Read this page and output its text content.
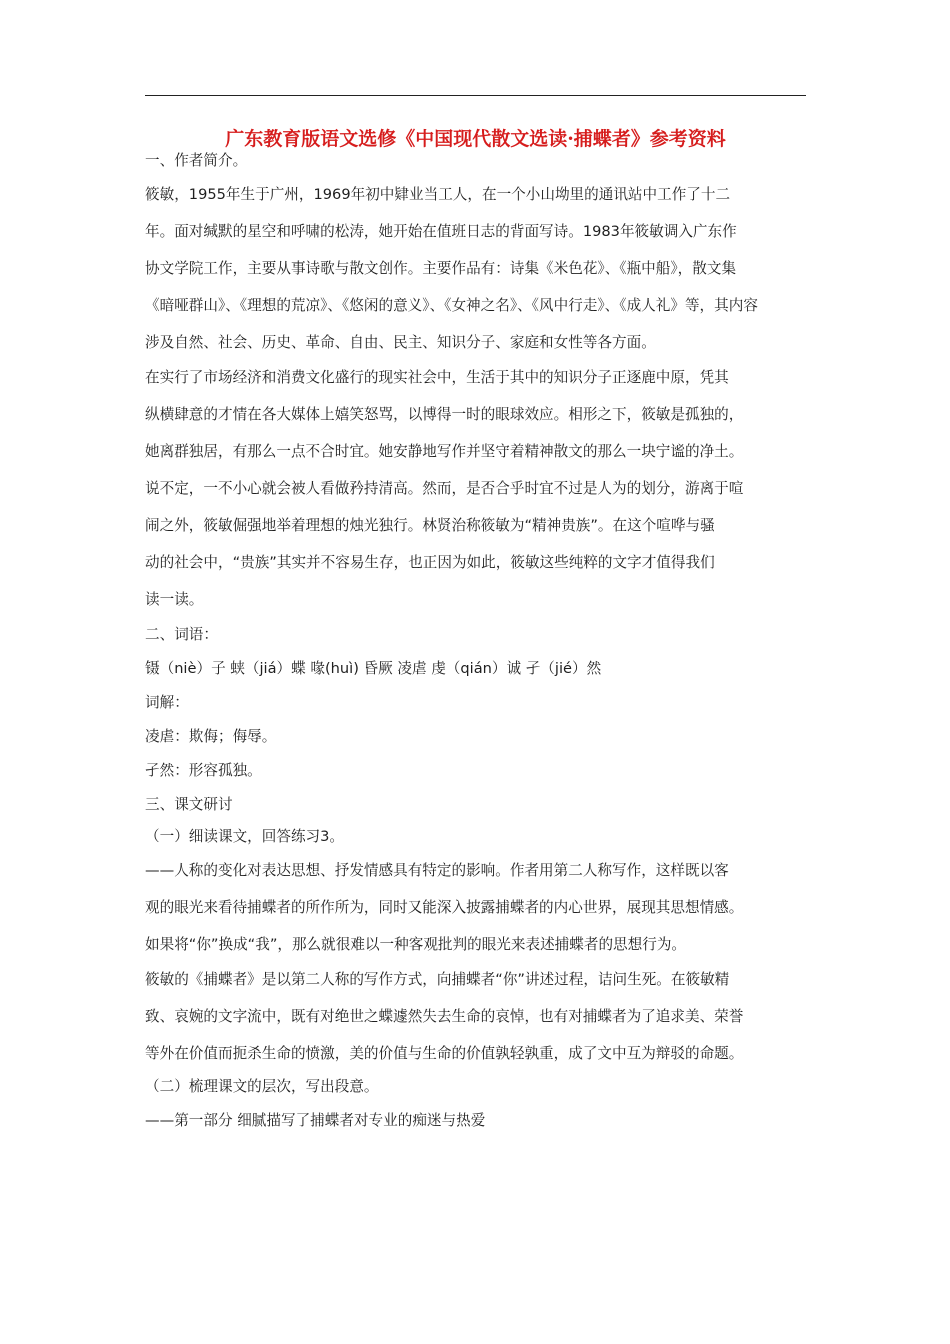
广东教育版语文选修《中国现代散文选读·捕蝶者》参考资料
一、作者简介。
筱敏，1955年生于广州，1969年初中肄业当工人，在一个小山坳里的通讯站中工作了十二
年。面对缄默的星空和呼啸的松涛，她开始在值班日志的背面写诗。1983年筱敏调入广东作
协文学院工作，主要从事诗歌与散文创作。主要作品有：诗集《米色花》、《瓶中船》，散文集
《暗哑群山》、《理想的荒凉》、《悠闲的意义》、《女神之名》、《风中行走》、《成人礼》等，其内容
涉及自然、社会、历史、革命、自由、民主、知识分子、家庭和女性等各方面。
在实行了市场经济和消费文化盛行的现实社会中，生活于其中的知识分子正逐鹿中原，凭其
纵横肆意的才情在各大媒体上嬉笑怒骂，以博得一时的眼球效应。相形之下，筱敏是孤独的，
她离群独居，有那么一点不合时宜。她安静地写作并坚守着精神散文的那么一块宁谧的净土。
说不定，一不小心就会被人看做矜持清高。然而，是否合乎时宜不过是人为的划分，游离于喧
闹之外，筱敏倔强地举着理想的烛光独行。林贤治称筱敏为“精神贵族”。在这个喧哗与骚
动的社会中，“贵族”其实并不容易生存，也正因为如此，筱敏这些纯粹的文字才值得我们
读一读。
二、词语：
镊（niè）子 蛱（jiá）蝶 喙(huì) 昏厥 凌虐 虔（qián）诚 孑（jié）然
词解：
凌虐：欺侮；侮辱。
孑然：形容孤独。
三、课文研讨
（一）细读课文，回答练习3。
——人称的变化对表达思想、抒发情感具有特定的影响。作者用第二人称写作，这样既以客
观的眼光来看待捕蝶者的所作所为，同时又能深入披露捕蝶者的内心世界，展现其思想情感。
如果将“你”换成“我”，那么就很难以一种客观批判的眼光来表述捕蝶者的思想行为。
筱敏的《捕蝶者》是以第二人称的写作方式，向捕蝶者“你”讲述过程，诘问生死。在筱敏精
致、哀婉的文字流中，既有对绝世之蝶遽然失去生命的哀悼，也有对捕蝶者为了追求美、荣誉
等外在价值而扼杀生命的愤激，美的价值与生命的价值孰轻孰重，成了文中互为辩驳的命题。
（二）梳理课文的层次，写出段意。
——第一部分 细腻描写了捕蝶者对专业的痴迷与热爱
